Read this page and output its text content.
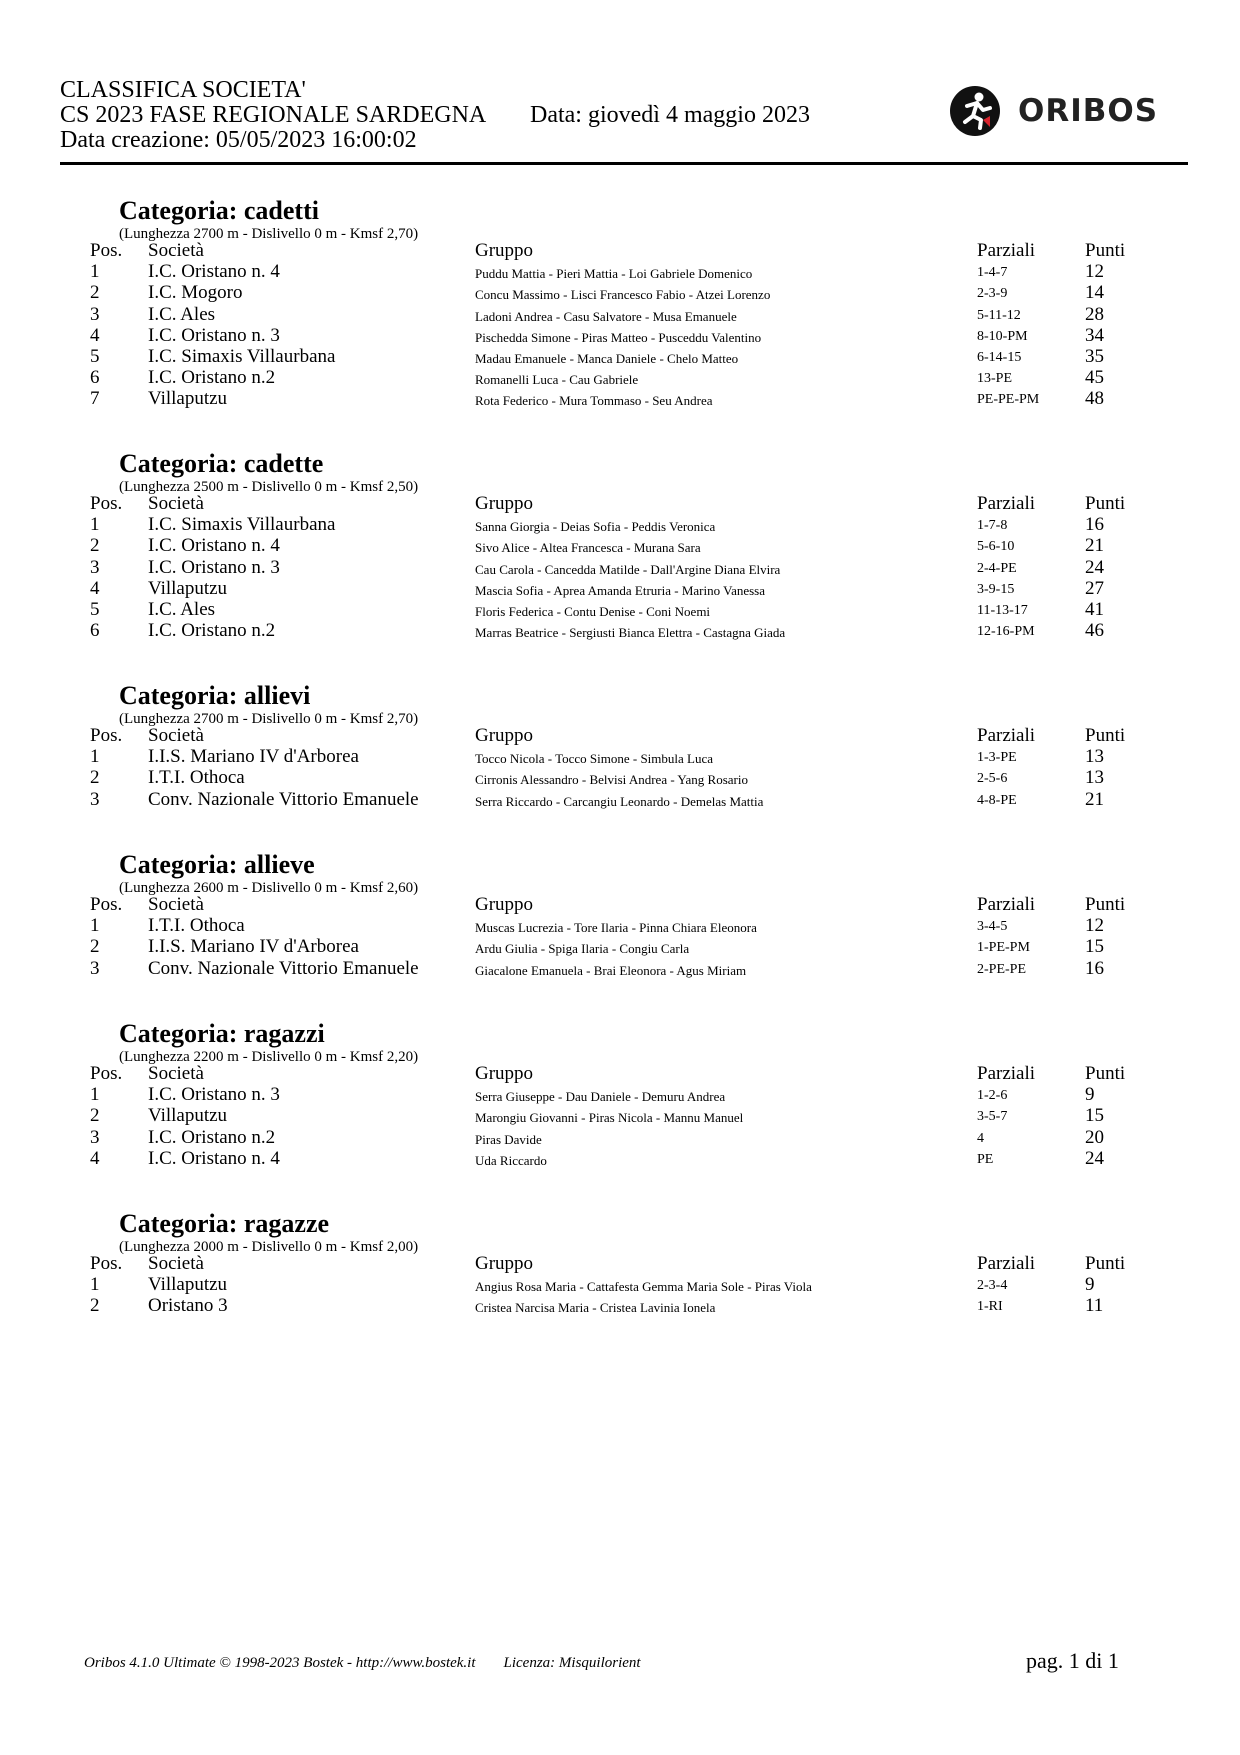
CLASSIFICA SOCIETA'
CS 2023 FASE REGIONALE SARDEGNA Data: giovedì 4 maggio 2023
Data creazione: 05/05/2023 16:00:02
ORIBOS
Categoria: cadetti
(Lunghezza 2700 m - Dislivello 0 m - Kmsf 2,70)
Pos. Società	Gruppo	Parziali	Punti
1	I.C. Oristano n. 4	Puddu Mattia - Pieri Mattia - Loi Gabriele Domenico	1-4-7	12
2	I.C. Mogoro	Concu Massimo - Lisci Francesco Fabio - Atzei Lorenzo	2-3-9	14
3	I.C. Ales	Ladoni Andrea - Casu Salvatore - Musa Emanuele	5-11-12	28
4	I.C. Oristano n. 3	Pischedda Simone - Piras Matteo - Pusceddu Valentino	8-10-PM	34
5	I.C. Simaxis Villaurbana	Madau Emanuele - Manca Daniele - Chelo Matteo	6-14-15	35
6	I.C. Oristano n.2	Romanelli Luca - Cau Gabriele	13-PE	45
7	Villaputzu	Rota Federico - Mura Tommaso - Seu Andrea	PE-PE-PM 48
Categoria: cadette
(Lunghezza 2500 m - Dislivello 0 m - Kmsf 2,50)
Pos. Società	Gruppo	Parziali	Punti
1	I.C. Simaxis Villaurbana	Sanna Giorgia - Deias Sofia - Peddis Veronica	1-7-8	16
2	I.C. Oristano n. 4	Sivo Alice - Altea Francesca - Murana Sara	5-6-10	21
3	I.C. Oristano n. 3	Cau Carola - Cancedda Matilde - Dall'Argine Diana Elvira	2-4-PE	24
4	Villaputzu	Mascia Sofia - Aprea Amanda Etruria - Marino Vanessa	3-9-15	27
5	I.C. Ales	Floris Federica - Contu Denise - Coni Noemi	11-13-17	41
6	I.C. Oristano n.2	Marras Beatrice - Sergiusti Bianca Elettra - Castagna Giada	12-16-PM	46
Categoria: allievi
(Lunghezza 2700 m - Dislivello 0 m - Kmsf 2,70)
Pos. Società	Gruppo	Parziali	Punti
1	I.I.S. Mariano IV d'Arborea	Tocco Nicola - Tocco Simone - Simbula Luca	1-3-PE	13
2	I.T.I. Othoca	Cirronis Alessandro - Belvisi Andrea - Yang Rosario	2-5-6	13
3	Conv. Nazionale Vittorio Emanuele	Serra Riccardo - Carcangiu Leonardo - Demelas Mattia	4-8-PE	21
Categoria: allieve
(Lunghezza 2600 m - Dislivello 0 m - Kmsf 2,60)
Pos. Società	Gruppo	Parziali	Punti
1	I.T.I. Othoca	Muscas Lucrezia - Tore Ilaria - Pinna Chiara Eleonora	3-4-5	12
2	I.I.S. Mariano IV d'Arborea	Ardu Giulia - Spiga Ilaria - Congiu Carla	1-PE-PM	15
3	Conv. Nazionale Vittorio Emanuele	Giacalone Emanuela - Brai Eleonora - Agus Miriam	2-PE-PE	16
Categoria: ragazzi
(Lunghezza 2200 m - Dislivello 0 m - Kmsf 2,20)
Pos. Società	Gruppo	Parziali	Punti
1	I.C. Oristano n. 3	Serra Giuseppe - Dau Daniele - Demuru Andrea	1-2-6	9
2	Villaputzu	Marongiu Giovanni - Piras Nicola - Mannu Manuel	3-5-7	15
3	I.C. Oristano n.2	Piras Davide	4	20
4	I.C. Oristano n. 4	Uda Riccardo	PE	24
Categoria: ragazze
(Lunghezza 2000 m - Dislivello 0 m - Kmsf 2,00)
Pos. Società	Gruppo	Parziali	Punti
1	Villaputzu	Angius Rosa Maria - Cattafesta Gemma Maria Sole - Piras Viola	2-3-4	9
2	Oristano 3	Cristea Narcisa Maria - Cristea Lavinia Ionela	1-RI	11
Oribos 4.1.0 Ultimate © 1998-2023 Bostek - http://www.bostek.it Licenza: Misquilorient	pag. 1 di 1
